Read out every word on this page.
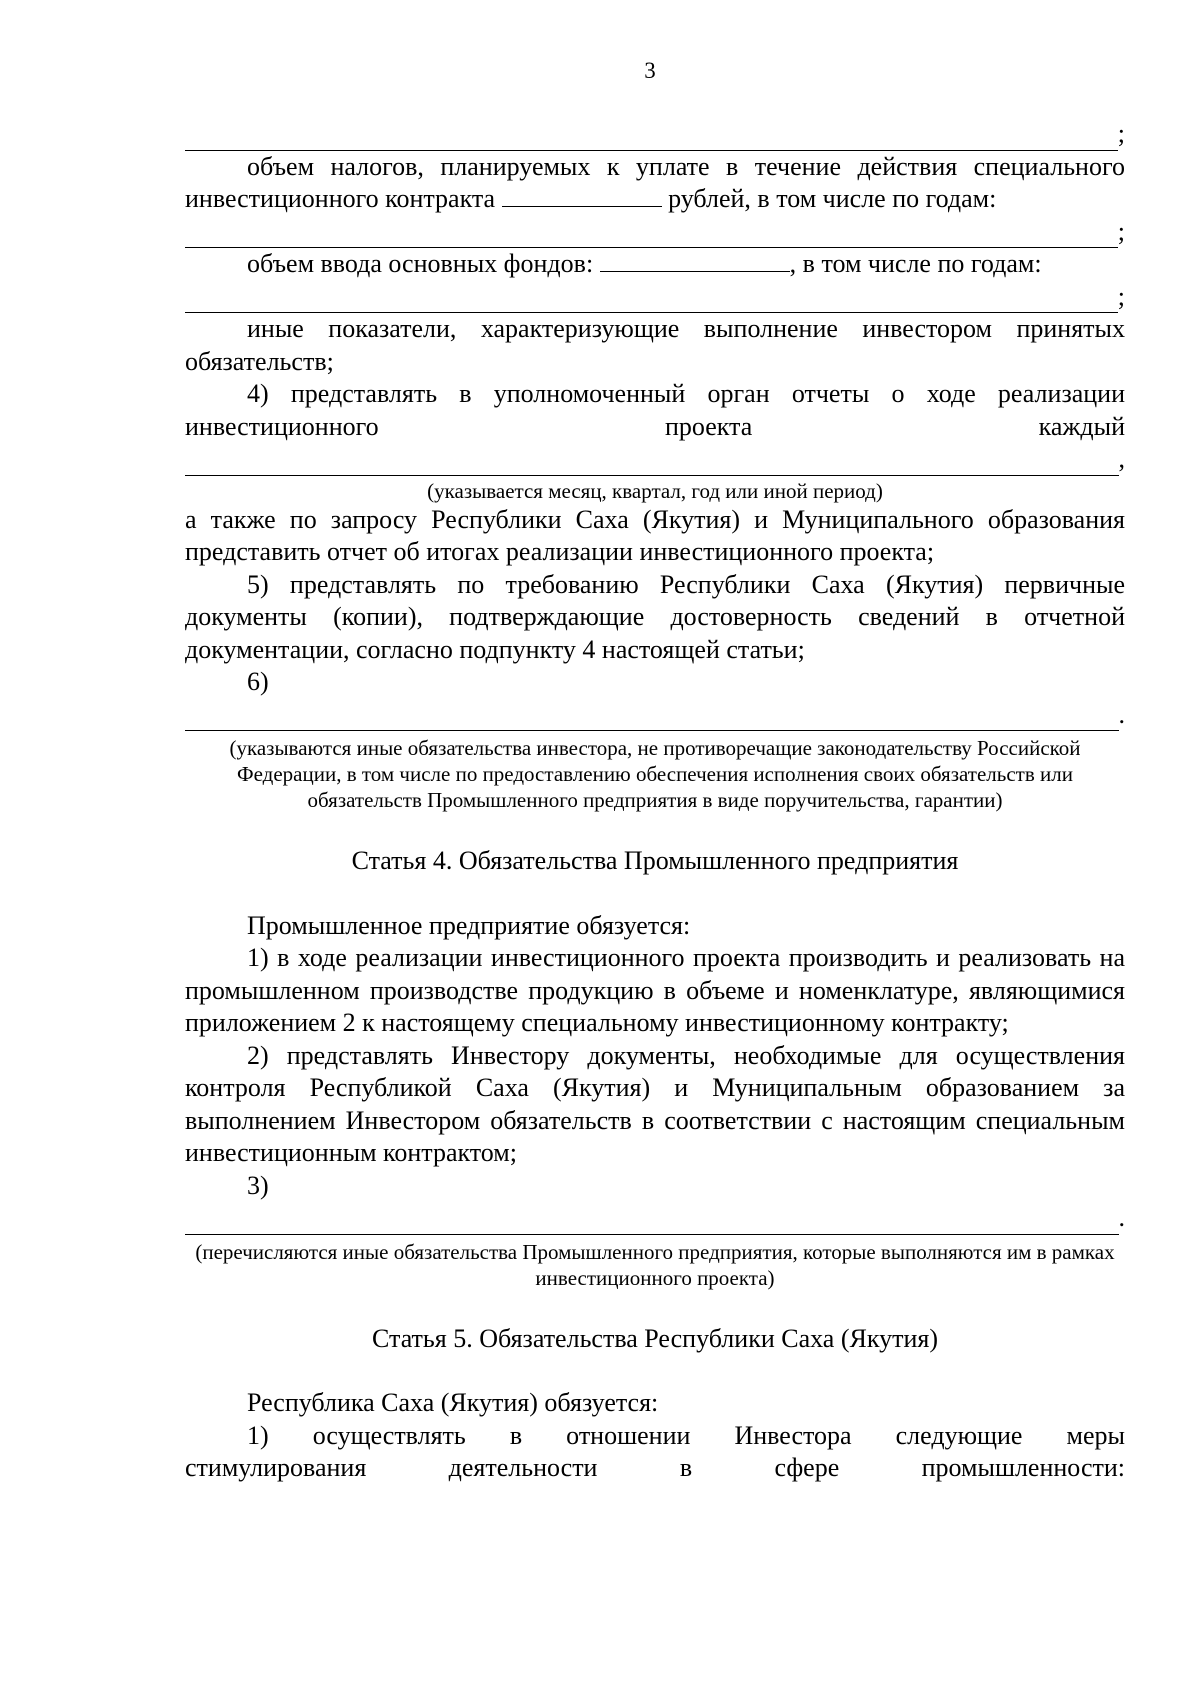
3
;

объем налогов, планируемых к уплате в течение действия специального инвестиционного контракта	рублей, в том числе по годам:

;

объем ввода основных фондов:	, в том числе по годам:

;

иные показатели, характеризующие выполнение инвестором принятых обязательств;

4) представлять в уполномоченный орган отчеты о ходе реализации

инвестиционного проекта каждый

,

(указывается месяц, квартал, год или иной период)

а также по запросу Республики Саха (Якутия) и Муниципального образования представить отчет об итогах реализации инвестиционного проекта;

5) представлять по требованию Республики Саха (Якутия) первичные документы (копии), подтверждающие достоверность сведений в отчетной документации, согласно подпункту 4 настоящей статьи;

6)

.

(указываются иные обязательства инвестора, не противоречащие законодательству Российской Федерации, в том числе по предоставлению обеспечения исполнения своих обязательств или обязательств Промышленного предприятия в виде поручительства, гарантии)

Статья 4. Обязательства Промышленного предприятия

Промышленное предприятие обязуется:

1) в ходе реализации инвестиционного проекта производить и реализовать на промышленном производстве продукцию в объеме и номенклатуре, являющимися приложением 2 к настоящему специальному инвестиционному контракту;

2) представлять Инвестору документы, необходимые для осуществления контроля Республикой Саха (Якутия) и Муниципальным образованием за выполнением Инвестором обязательств в соответствии с настоящим специальным инвестиционным контрактом;

3)

.

(перечисляются иные обязательства Промышленного предприятия, которые выполняются им в рамках инвестиционного проекта)

Статья 5. Обязательства Республики Саха (Якутия)

Республика Саха (Якутия) обязуется:

1) осуществлять в отношении Инвестора следующие меры

стимулирования деятельности в сфере промышленности:
